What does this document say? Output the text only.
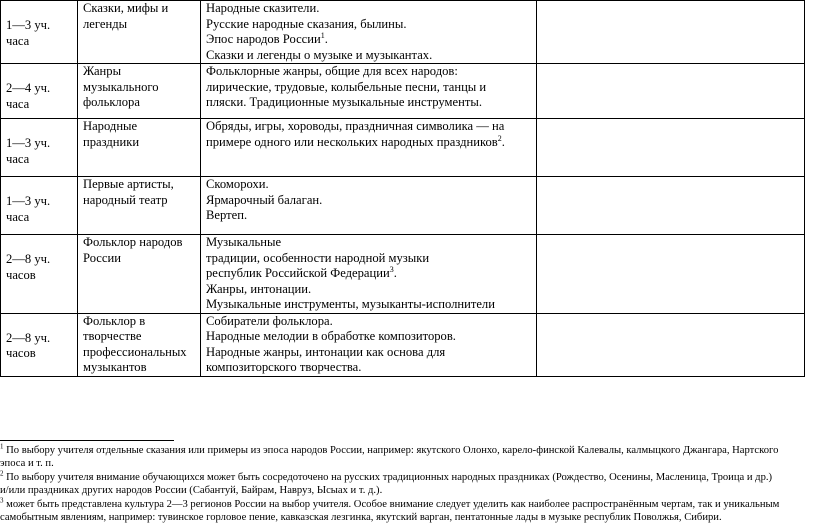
1—3 уч.
часа	Сказки, мифы и
легенды	Народные сказители.
Русские народные сказания, былины.
Эпос народов России$^1$.
Сказки и легенды о музыке и музыкантах.	

2—4 уч.
часа	Жанры
музыкального
фольклора	Фольклорные жанры, общие для всех народов:
лирические, трудовые, колыбельные песни, танцы и
пляски. Традиционные музыкальные инструменты.	

1—3 уч.
часа	Народные
праздники	Обряды, игры, хороводы, праздничная символика — на
примере одного или нескольких народных праздников$^2$.	

1—3 уч.
часа	Первые артисты,
народный театр	Скоморохи.
Ярмарочный балаган.
Вертеп.	

2—8 уч.
часов	Фольклор народов
России	Музыкальные
традиции, особенности народной музыки
республик Российской Федерации$^3$.
Жанры, интонации.
Музыкальные инструменты, музыканты-исполнители	

2—8 уч.
часов	Фольклор в
творчестве
профессиональных
музыкантов	Собиратели фольклора.
Народные мелодии в обработке композиторов.
Народные жанры, интонации как основа для
композиторского творчества.	

$^1$ По выбору учителя отдельные сказания или примеры из эпоса народов России, например: якутского Олонхо, карело-финской Калевалы, калмыцкого Джангара, Нартского
эпоса и т. п.
$^2$ По выбору учителя внимание обучающихся может быть сосредоточено на русских традиционных народных праздниках (Рождество, Осенины, Масленица, Троица и др.)
и/или праздниках других народов России (Сабантуй, Байрам, Навруз, Ысыах и т. д.).
$^3$ может быть представлена культура 2—3 регионов России на выбор учителя. Особое внимание следует уделить как наиболее распространённым чертам, так и уникальным
самобытным явлениям, например: тувинское горловое пение, кавказская лезгинка, якутский варган, пентатонные лады в музыке республик Поволжья, Сибири.
